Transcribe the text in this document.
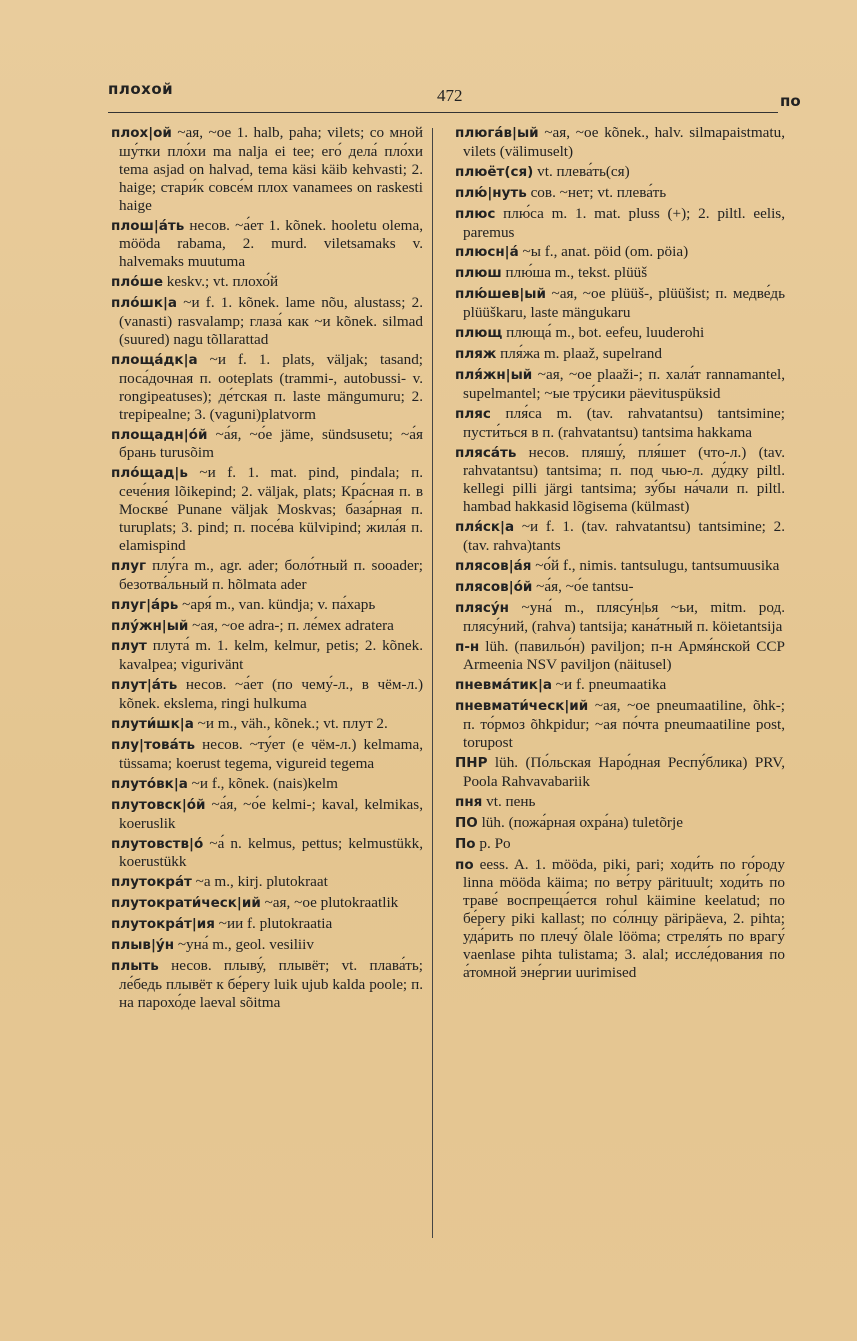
плохой	472	по
плох|ой ~ая, ~ое 1. halb, paha; vilets; со мной шу́тки пло́хи ma nalja ei tee; его́ дела́ пло́хи tema asjad on halvad, tema käsi käib kehvasti; 2. haige; стари́к совсе́м плох vanamees on raskesti haige
плош|а́ть несов. ~а́ет 1. kõnek. hooletu olema, mööda rabama, 2. murd. viletsamaks v. halvemaks muutuma
пло́ше keskv.; vt. плохо́й
пло́шк|а ~и f. 1. kõnek. lame nõu, alustass; 2. (vanasti) rasvalamp; глаза́ как ~и kõnek. silmad (suured) nagu tõllarattad
площа́дк|а ~и f. 1. plats, väljak; tasand; поса́дочная п. ooteplats (trammi-, autobussi- v. rongipeatuses); де́тская п. laste mängumuru; 2. trepipealne; 3. (vaguni)platvorm
площадн|о́й ~а́я, ~о́е jäme, sündsusetu; ~а́я брань turusõim
пло́щад|ь ~и f. 1. mat. pind, pindala; п. сече́ния lõikepind; 2. väljak, plats; Кра́сная п. в Москве́ Punane väljak Moskvas; база́рная п. turuplats; 3. pind; п. посе́ва külvipind; жила́я п. elamispind
плуг плу́га m., agr. ader; боло́тный п. sooader; безотва́льный п. hõlmata ader
плуг|а́рь ~аря́ m., van. kündja; v. па́харь
плу́жн|ый ~ая, ~ое adra-; п. ле́мех adratera
плут плута́ m. 1. kelm, kelmur, petis; 2. kõnek. kavalpea; vigurivänt
плут|а́ть несов. ~а́ет (по чему́-л., в чём-л.) kõnek. ekslema, ringi hulkuma
плути́шк|а ~и m., väh., kõnek.; vt. плут 2.
плу|това́ть несов. ~ту́ет (е чём-л.) kelmama, tüssama; koerust tegema, vigureid tegema
плуто́вк|а ~и f., kõnek. (nais)kelm
плутовск|о́й ~а́я, ~о́е kelmi-; kaval, kelmikas, koeruslik
плутовств|о́ ~а́ n. kelmus, pettus; kelmustükk, koerustükk
плутокра́т ~а m., kirj. plutokraat
плутократи́ческ|ий ~ая, ~ое plutokraatlik
плутокра́т|ия ~ии f. plutokraatia
плыв|у́н ~уна́ m., geol. vesiliiv
плыть несов. плыву́, плывёт; vt. плава́ть; ле́бедь плывёт к бе́регу luik ujub kalda poole; п. на парохо́де laeval sõitma
плюга́в|ый ~ая, ~ое kõnek., halv. silmapaistmatu, vilets (välimuselt)
плюёт(ся) vt. плева́ть(ся)
плю́|нуть сов. ~нет; vt. плева́ть
плюс плю́са m. 1. mat. pluss (+); 2. piltl. eelis, paremus
плюсн|а́ ~ы f., anat. pöid (om. pöia)
плюш плю́ша m., tekst. plüüš
плю́шев|ый ~ая, ~ое plüüš-, plüüšist; п. медве́дь plüüškaru, laste mängukaru
плющ плюща́ m., bot. eefeu, luuderohi
пляж пля́жа m. plaaž, supelrand
пля́жн|ый ~ая, ~ое plaaži-; п. хала́т rannamantel, supelmantel; ~ые тру́сики päevituspüksid
пляс пля́са m. (tav. rahvatantsu) tantsimine; пусти́ться в п. (rahvatantsu) tantsima hakkama
пляса́ть несов. пляшу́, пля́шет (что-л.) (tav. rahvatantsu) tantsima; п. под чью-л. ду́дку piltl. kellegi pilli järgi tantsima; зу́бы на́чали п. piltl. hambad hakkasid lõgisema (külmast)
пля́ск|а ~и f. 1. (tav. rahvatantsu) tantsimine; 2. (tav. rahva)tants
плясов|а́я ~о́й f., nimis. tantsulugu, tantsumuusika
плясов|о́й ~а́я, ~о́е tantsu-
плясу́н ~уна́ m., плясу́н|ья ~ьи, mitm. род. плясу́ний, (rahva) tantsija; кана́тный п. köietantsija
п-н lüh. (павильо́н) paviljon; п-н Армя́нской ССР Armeenia NSV paviljon (näitusel)
пневма́тик|а ~и f. pneumaatika
пневмати́ческ|ий ~ая, ~ое pneumaatiline, õhk-; п. то́рмоз õhkpidur; ~ая по́чта pneumaatiline post, torupost
ПНР lüh. (По́льская Наро́дная Респу́блика) PRV, Poola Rahvavabariik
пня vt. пень
ПО lüh. (пожа́рная охра́на) tuletõrje
По р. Po
по eess. A. 1. mööda, piki, pari; ходи́ть по го́роду linna mööda käima; по ве́тру pärituult; ходи́ть по траве́ воспреща́ется rohul käimine keelatud; по бе́регу piki kallast; по со́лнцу päripäeva, 2. pihta; уда́рить по плечу́ õlale lööma; стреля́ть по врагу́ vaenlase pihta tulistama; 3. alal; иссле́дования по а́томной эне́ргии uurimised
